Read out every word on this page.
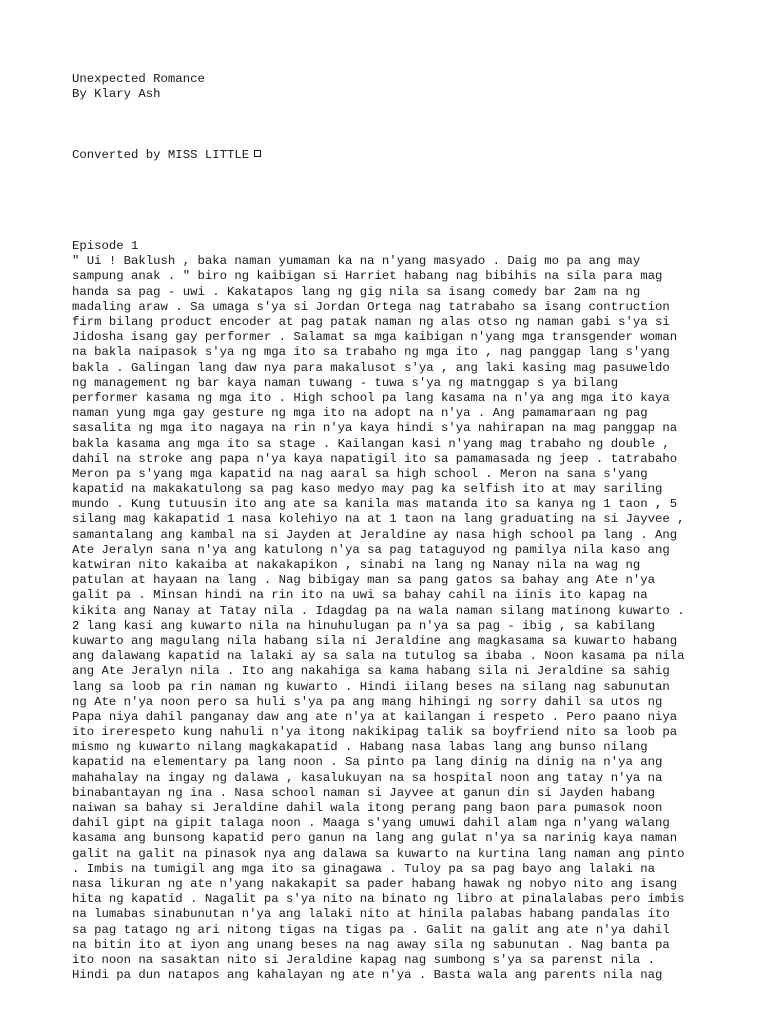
Unexpected Romance
By Klary Ash
Converted by MISS LITTLE
Episode 1
" Ui ! Baklush , baka naman yumaman ka na n'yang masyado . Daig mo pa ang may
sampung anak . " biro ng kaibigan si Harriet habang nag bibihis na sila para mag
handa sa pag - uwi . Kakatapos lang ng gig nila sa isang comedy bar 2am na ng
madaling araw . Sa umaga s'ya si Jordan Ortega nag tatrabaho sa isang contruction
firm bilang product encoder at pag patak naman ng alas otso ng naman gabi s'ya si
Jidosha isang gay performer . Salamat sa mga kaibigan n'yang mga transgender woman
na bakla naipasok s'ya ng mga ito sa trabaho ng mga ito , nag panggap lang s'yang
bakla . Galingan lang daw nya para makalusot s'ya , ang laki kasing mag pasuweldo
ng management ng bar kaya naman tuwang - tuwa s'ya ng matnggap s ya bilang
performer kasama ng mga ito . High school pa lang kasama na n'ya ang mga ito kaya
naman yung mga gay gesture ng mga ito na adopt na n'ya . Ang pamamaraan ng pag
sasalita ng mga ito nagaya na rin n'ya kaya hindi s'ya nahirapan na mag panggap na
bakla kasama ang mga ito sa stage . Kailangan kasi n'yang mag trabaho ng double ,
dahil na stroke ang papa n'ya kaya napatigil ito sa pamamasada ng jeep . tatrabaho
Meron pa s'yang mga kapatid na nag aaral sa high school . Meron na sana s'yang
kapatid na makakatulong sa pag kaso medyo may pag ka selfish ito at may sariling
mundo . Kung tutuusin ito ang ate sa kanila mas matanda ito sa kanya ng 1 taon , 5
silang mag kakapatid 1 nasa kolehiyo na at 1 taon na lang graduating na si Jayvee ,
samantalang ang kambal na si Jayden at Jeraldine ay nasa high school pa lang . Ang
Ate Jeralyn sana n'ya ang katulong n'ya sa pag tataguyod ng pamilya nila kaso ang
katwiran nito kakaiba at nakakapikon , sinabi na lang ng Nanay nila na wag ng
patulan at hayaan na lang . Nag bibigay man sa pang gatos sa bahay ang Ate n'ya
galit pa . Minsan hindi na rin ito na uwi sa bahay cahil na iinis ito kapag na
kikita ang Nanay at Tatay nila . Idagdag pa na wala naman silang matinong kuwarto .
2 lang kasi ang kuwarto nila na hinuhulugan pa n'ya sa pag - ibig , sa kabilang
kuwarto ang magulang nila habang sila ni Jeraldine ang magkasama sa kuwarto habang
ang dalawang kapatid na lalaki ay sa sala na tutulog sa ibaba . Noon kasama pa nila
ang Ate Jeralyn nila . Ito ang nakahiga sa kama habang sila ni Jeraldine sa sahig
lang sa loob pa rin naman ng kuwarto . Hindi iilang beses na silang nag sabunutan
ng Ate n'ya noon pero sa huli s'ya pa ang mang hihingi ng sorry dahil sa utos ng
Papa niya dahil panganay daw ang ate n'ya at kailangan i respeto . Pero paano niya
ito irerespeto kung nahuli n'ya itong nakikipag talik sa boyfriend nito sa loob pa
mismo ng kuwarto nilang magkakapatid . Habang nasa labas lang ang bunso nilang
kapatid na elementary pa lang noon . Sa pinto pa lang dinig na dinig na n'ya ang
mahahalay na ingay ng dalawa , kasalukuyan na sa hospital noon ang tatay n'ya na
binabantayan ng ina . Nasa school naman si Jayvee at ganun din si Jayden habang
naiwan sa bahay si Jeraldine dahil wala itong perang pang baon para pumasok noon
dahil gipt na gipit talaga noon . Maaga s'yang umuwi dahil alam nga n'yang walang
kasama ang bunsong kapatid pero ganun na lang ang gulat n'ya sa narinig kaya naman
galit na galit na pinasok nya ang dalawa sa kuwarto na kurtina lang naman ang pinto
. Imbis na tumigil ang mga ito sa ginagawa . Tuloy pa sa pag bayo ang lalaki na
nasa likuran ng ate n'yang nakakapit sa pader habang hawak ng nobyo nito ang isang
hita ng kapatid . Nagalit pa s'ya nito na binato ng libro at pinalalabas pero imbis
na lumabas sinabunutan n'ya ang lalaki nito at hinila palabas habang pandalas ito
sa pag tatago ng ari nitong tigas na tigas pa . Galit na galit ang ate n'ya dahil
na bitin ito at iyon ang unang beses na nag away sila ng sabunutan . Nag banta pa
ito noon na sasaktan nito si Jeraldine kapag nag sumbong s'ya sa parenst nila .
Hindi pa dun natapos ang kahalayan ng ate n'ya . Basta wala ang parents nila nag
